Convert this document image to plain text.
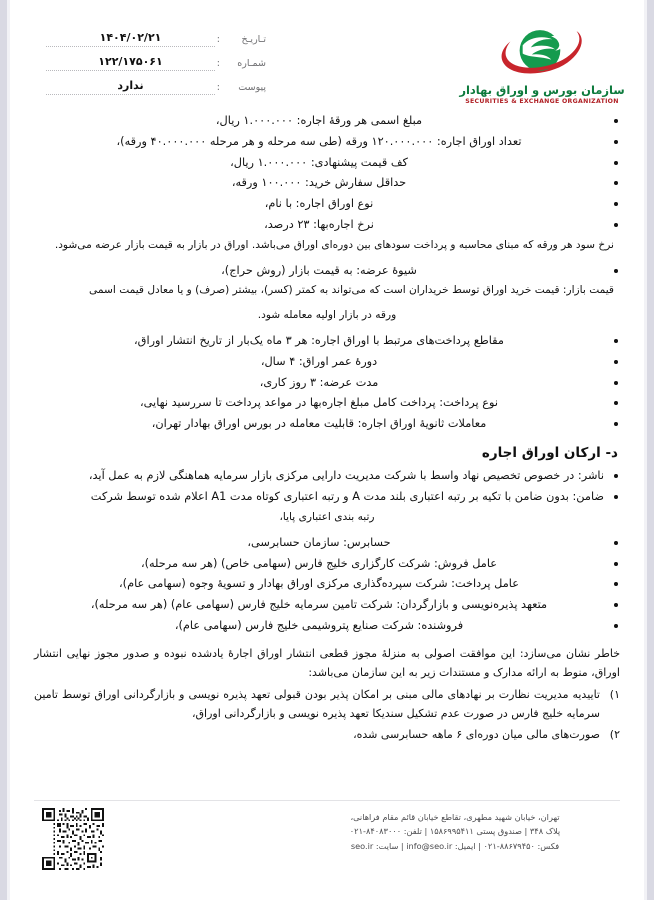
سازمان بورس و اوراق بهادار
SECURITIES & EXCHANGE ORGANIZATION
تـاریـخ
:
۱۴۰۴/۰۲/۲۱
شمـاره
:
۱۲۲/۱۷۵۰۶۱
پیوست
:
ندارد
مبلغ اسمی هر ورقهٔ اجاره: ۱.۰۰۰.۰۰۰ ریال،
تعداد اوراق اجاره: ۱۲۰.۰۰۰.۰۰۰ ورقه (طی سه مرحله و هر مرحله ۴۰.۰۰۰.۰۰۰ ورقه)،
کف قیمت پیشنهادی: ۱.۰۰۰.۰۰۰ ریال،
حداقل سفارش خرید: ۱۰۰.۰۰۰ ورقه،
نوع اوراق اجاره: با نام،
نرخ اجاره‌بها: ۲۳ درصد،

نرخ سود هر ورقه که مبنای محاسبه و پرداخت سودهای بین دوره‌ای اوراق می‌باشد. اوراق در بازار به قیمت بازار عرضه می‌شود.

شیوهٔ عرضه: به قیمت بازار (روش حراج)،

قیمت بازار: قیمت خرید اوراق توسط خریداران است که می‌تواند به کمتر (کسر)، بیشتر (صرف) و یا معادل قیمت اسمی

ورقه در بازار اولیه معامله شود.

مقاطع پرداخت‌های مرتبط با اوراق اجاره: هر ۳ ماه یک‌بار از تاریخ انتشار اوراق،
دورهٔ عمر اوراق: ۴ سال،
مدت عرضه: ۳ روز کاری،
نوع پرداخت: پرداخت کامل مبلغ اجاره‌بها در مواعد پرداخت تا سررسید نهایی،
معاملات ثانویهٔ اوراق اجاره: قابلیت معامله در بورس اوراق بهادار تهران،
د- ارکان اوراق اجاره
ناشر: در خصوص تخصیص نهاد واسط با شرکت مدیریت دارایی مرکزی بازار سرمایه هماهنگی لازم به عمل آید،
ضامن: بدون ضامن با تکیه بر رتبه اعتباری بلند مدت A و رتبه اعتباری کوتاه مدت A1 اعلام شده توسط شرکت

رتبه بندی اعتباری پایا،

حسابرس: سازمان حسابرسی،
عامل فروش: شرکت کارگزاری خلیج فارس (سهامی خاص) (هر سه مرحله)،
عامل پرداخت: شرکت سپرده‌گذاری مرکزی اوراق بهادار و تسویهٔ وجوه (سهامی عام)،
متعهد پذیره‌نویسی و بازارگردان: شرکت تامین سرمایه خلیج فارس (سهامی عام) (هر سه مرحله)،
فروشنده: شرکت صنایع پتروشیمی خلیج فارس (سهامی عام)،

خاطر نشان می‌سازد: این موافقت اصولی به منزلهٔ مجوز قطعی انتشار اوراق اجارهٔ یادشده نبوده و صدور مجوز نهایی انتشار اوراق، منوط به ارائه مدارک و مستندات زیر به این سازمان می‌باشد:

۱)
تاییدیه مدیریت نظارت بر نهادهای مالی مبنی بر امکان پذیر بودن قبولی تعهد پذیره نویسی و بازارگردانی اوراق توسط تامین سرمایه خلیج فارس در صورت عدم تشکیل سندیکا تعهد پذیره نویسی و بازارگردانی اوراق،
۲)
صورت‌های مالی میان دوره‌ای ۶ ماهه حسابرسی شده،
تهران، خیابان شهید مطهری، تقاطع خیابان قائم مقام فراهانی،
پلاک ۳۴۸ | صندوق پستی ۱۵۸۶۹۹۵۴۱۱ | تلفن: ۸۴۰۸۳۰۰۰-۰۲۱
فکس: ۸۸۶۷۹۴۵۰-۰۲۱ | ایمیل: info@seo.ir | سایت: seo.ir
